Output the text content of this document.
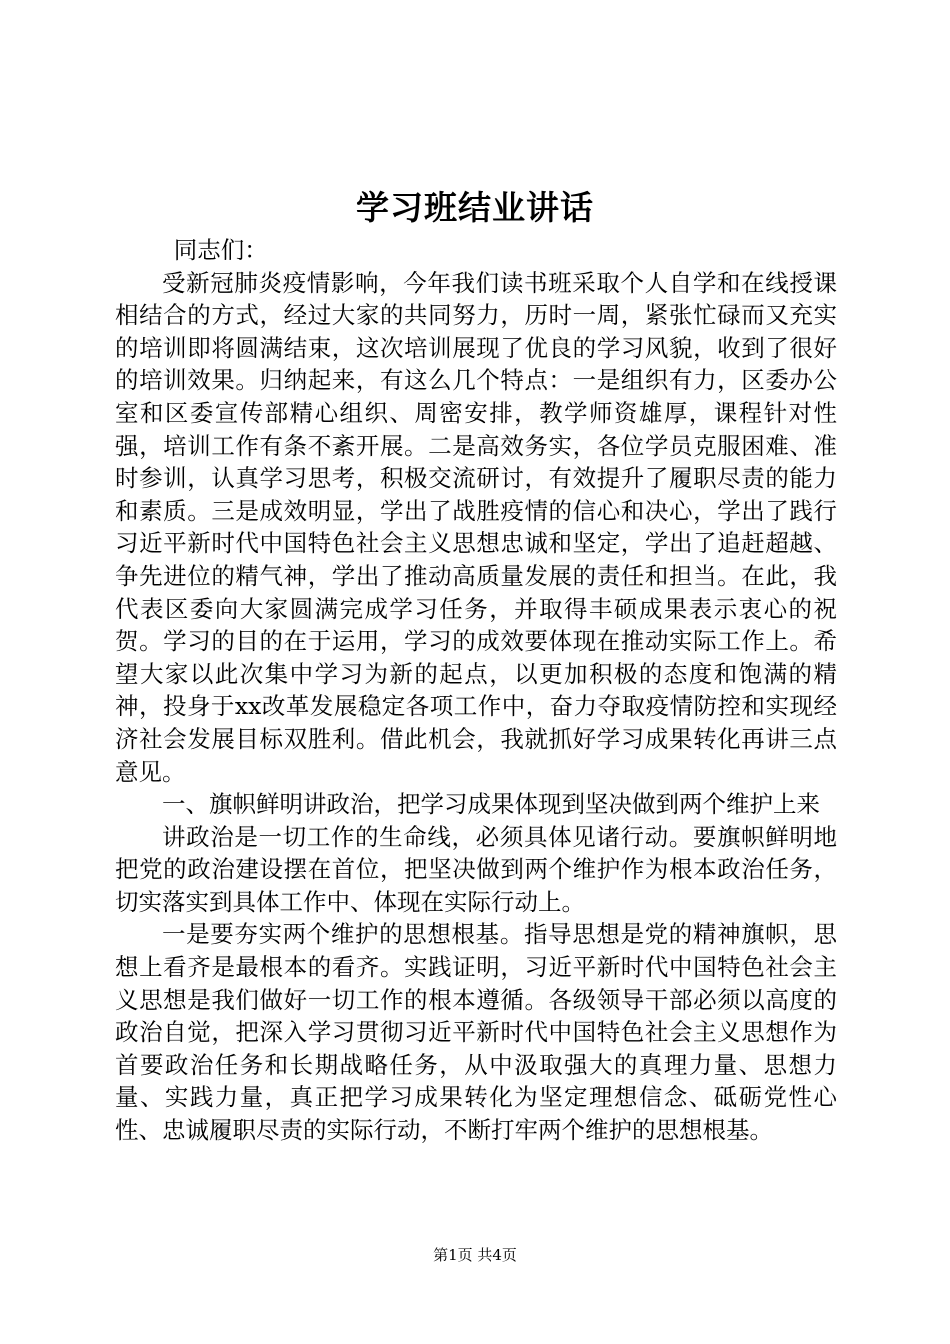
学习班结业讲话

同志们：

受新冠肺炎疫情影响，今年我们读书班采取个人自学和在线授课相结合的方式，经过大家的共同努力，历时一周，紧张忙碌而又充实的培训即将圆满结束，这次培训展现了优良的学习风貌，收到了很好的培训效果。归纳起来，有这么几个特点：一是组织有力，区委办公室和区委宣传部精心组织、周密安排，教学师资雄厚，课程针对性强，培训工作有条不紊开展。二是高效务实，各位学员克服困难、准时参训，认真学习思考，积极交流研讨，有效提升了履职尽责的能力和素质。三是成效明显，学出了战胜疫情的信心和决心，学出了践行习近平新时代中国特色社会主义思想忠诚和坚定，学出了追赶超越、争先进位的精气神，学出了推动高质量发展的责任和担当。在此，我代表区委向大家圆满完成学习任务，并取得丰硕成果表示衷心的祝贺。学习的目的在于运用，学习的成效要体现在推动实际工作上。希望大家以此次集中学习为新的起点，以更加积极的态度和饱满的精神，投身于xx改革发展稳定各项工作中，奋力夺取疫情防控和实现经济社会发展目标双胜利。借此机会，我就抓好学习成果转化再讲三点意见。

一、旗帜鲜明讲政治，把学习成果体现到坚决做到两个维护上来

讲政治是一切工作的生命线，必须具体见诸行动。要旗帜鲜明地把党的政治建设摆在首位，把坚决做到两个维护作为根本政治任务，切实落实到具体工作中、体现在实际行动上。

一是要夯实两个维护的思想根基。指导思想是党的精神旗帜，思想上看齐是最根本的看齐。实践证明，习近平新时代中国特色社会主义思想是我们做好一切工作的根本遵循。各级领导干部必须以高度的政治自觉，把深入学习贯彻习近平新时代中国特色社会主义思想作为首要政治任务和长期战略任务，从中汲取强大的真理力量、思想力量、实践力量，真正把学习成果转化为坚定理想信念、砥砺党性心性、忠诚履职尽责的实际行动，不断打牢两个维护的思想根基。

第1页 共4页
